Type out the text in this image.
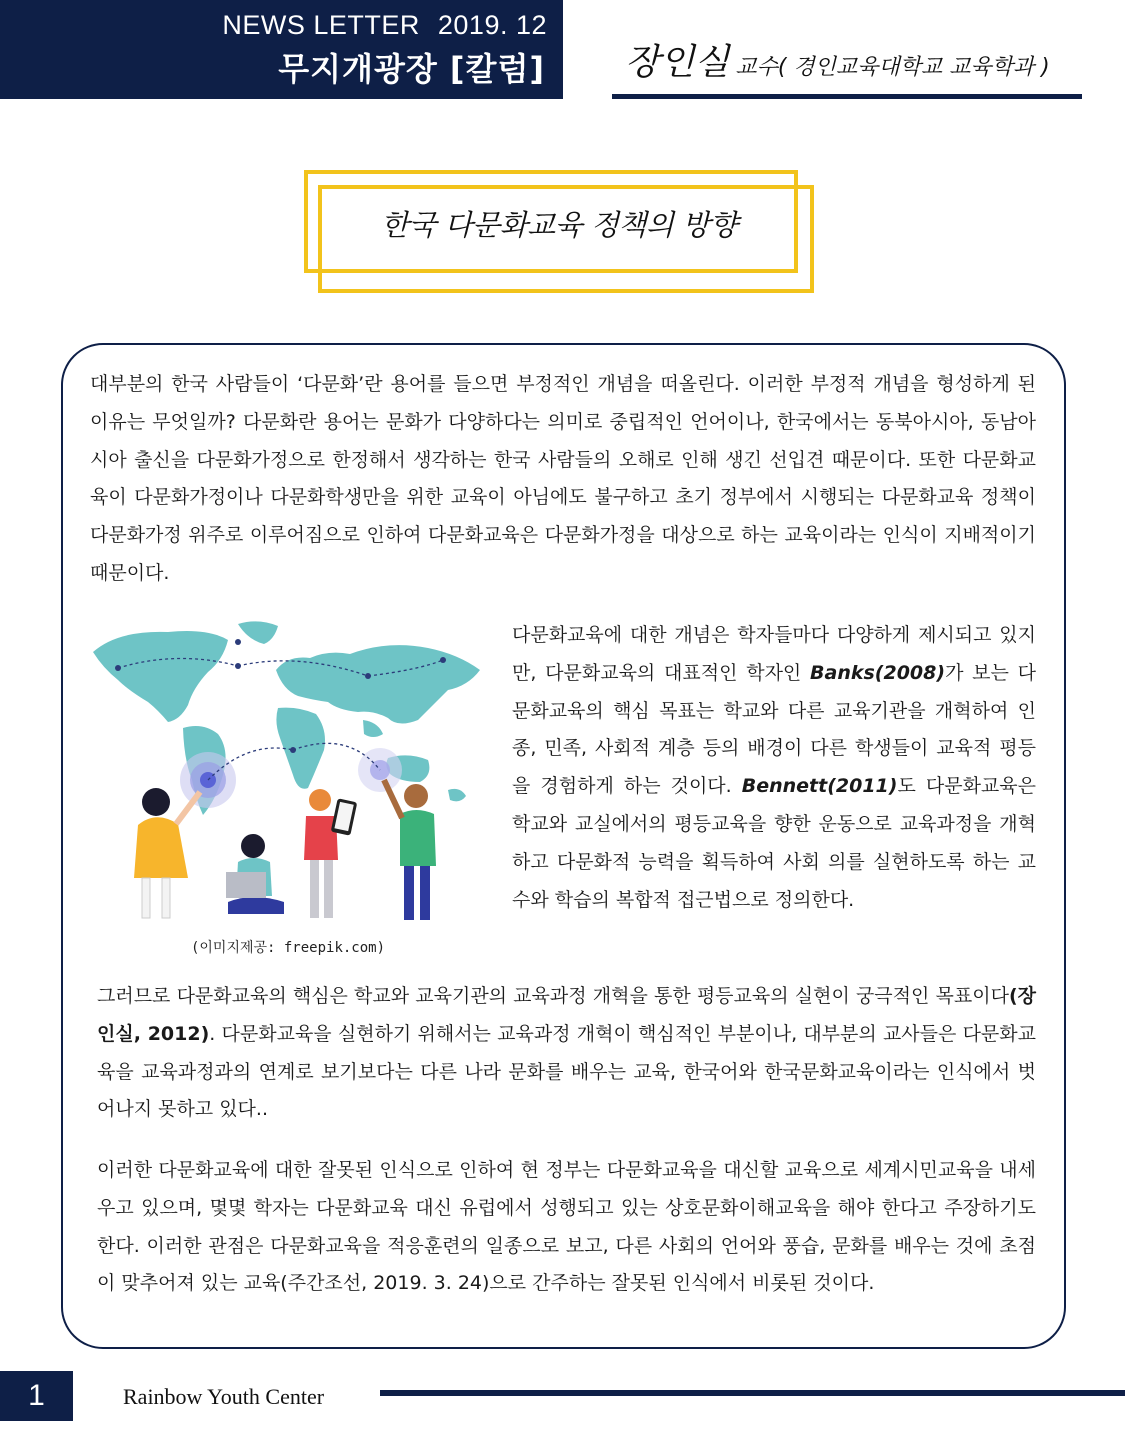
NEWS LETTER 2019. 12
무지개광장 [칼럼] 장인실 교수( 경인교육대학교 교육학과 )
한국 다문화교육 정책의 방향

대부분의 한국 사람들이 ‘다문화’란 용어를 들으면 부정적인 개념을 떠올린다. 이러한 부정적 개념을 형성하게 된 이유는 무엇일까? 다문화란 용어는 문화가 다양하다는 의미로 중립적인 언어이나, 한국에서는 동북아시아, 동남아시아 출신을 다문화가정으로 한정해서 생각하는 한국 사람들의 오해로 인해 생긴 선입견 때문이다. 또한 다문화교육이 다문화가정이나 다문화학생만을 위한 교육이 아님에도 불구하고 초기 정부에서 시행되는 다문화교육 정책이 다문화가정 위주로 이루어짐으로 인하여 다문화교육은 다문화가정을 대상으로 하는 교육이라는 인식이 지배적이기 때문이다.

(이미지제공: freepik.com)

다문화교육에 대한 개념은 학자들마다 다양하게 제시되고 있지만, 다문화교육의 대표적인 학자인 Banks(2008)가 보는 다문화교육의 핵심 목표는 학교와 다른 교육기관을 개혁하여 인종, 민족, 사회적 계층 등의 배경이 다른 학생들이 교육적 평등을 경험하게 하는 것이다. Bennett(2011)도 다문화교육은 학교와 교실에서의 평등교육을 향한 운동으로 교육과정을 개혁하고 다문화적 능력을 획득하여 사회 의를 실현하도록 하는 교수와 학습의 복합적 접근법으로 정의한다.

그러므로 다문화교육의 핵심은 학교와 교육기관의 교육과정 개혁을 통한 평등교육의 실현이 궁극적인 목표이다(장인실, 2012). 다문화교육을 실현하기 위해서는 교육과정 개혁이 핵심적인 부분이나, 대부분의 교사들은 다문화교육을 교육과정과의 연계로 보기보다는 다른 나라 문화를 배우는 교육, 한국어와 한국문화교육이라는 인식에서 벗어나지 못하고 있다..

이러한 다문화교육에 대한 잘못된 인식으로 인하여 현 정부는 다문화교육을 대신할 교육으로 세계시민교육을 내세우고 있으며, 몇몇 학자는 다문화교육 대신 유럽에서 성행되고 있는 상호문화이해교육을 해야 한다고 주장하기도 한다. 이러한 관점은 다문화교육을 적응훈련의 일종으로 보고, 다른 사회의 언어와 풍습, 문화를 배우는 것에 초점이 맞추어져 있는 교육(주간조선, 2019. 3. 24)으로 간주하는 잘못된 인식에서 비롯된 것이다.

1	Rainbow Youth Center
